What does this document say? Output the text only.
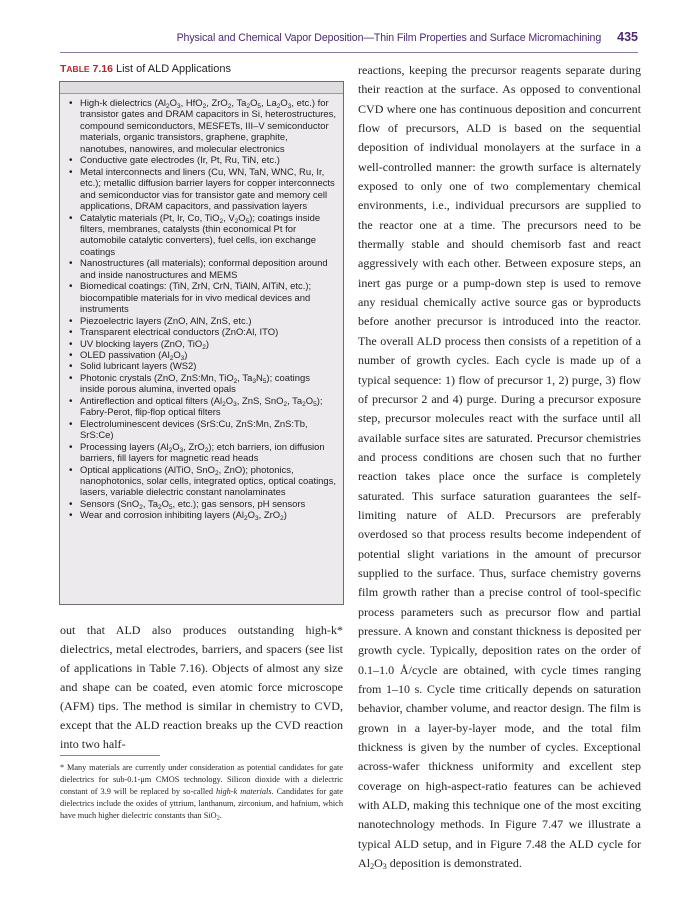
Physical and Chemical Vapor Deposition—Thin Film Properties and Surface Micromachining 435
TABLE 7.16 List of ALD Applications
• High-k dielectrics ($Al_2O_3$, HfO$_2$, ZrO$_2$, $Ta_2O_5$, $La_2O_3$, etc.) for transistor gates and DRAM capacitors in Si, heterostructures, compound semiconductors, MESFETs, III–V semiconductor materials, organic transistors, graphene, graphite, nanotubes, nanowires, and molecular electronics
• Conductive gate electrodes (Ir, Pt, Ru, TiN, etc.)
• Metal interconnects and liners (Cu, WN, TaN, WNC, Ru, Ir, etc.); metallic diffusion barrier layers for copper interconnects and semiconductor vias for transistor gate and memory cell applications, DRAM capacitors, and passivation layers
• Catalytic materials (Pt, Ir, Co, TiO$_2$, $V_2O_5$); coatings inside filters, membranes, catalysts (thin economical Pt for automobile catalytic converters), fuel cells, ion exchange coatings
• Nanostructures (all materials); conformal deposition around and inside nanostructures and MEMS
• Biomedical coatings: (TiN, ZrN, CrN, TiAlN, AlTiN, etc.); biocompatible materials for in vivo medical devices and instruments
• Piezoelectric layers (ZnO, AlN, ZnS, etc.)
• Transparent electrical conductors (ZnO:Al, ITO)
• UV blocking layers (ZnO, TiO$_2$)
• OLED passivation $(Al_2O_3)$
• Solid lubricant layers (WS2)
• Photonic crystals (ZnO, ZnS:Mn, TiO$_2$, $Ta_3N_5$); coatings inside porous alumina, inverted opals
• Antireflection and optical filters ($Al_2O_3$, ZnS, SnO$_2$, $Ta_2O_5$); Fabry-Perot, flip-flop optical filters
• Electroluminescent devices (SrS:Cu, ZnS:Mn, ZnS:Tb, SrS:Ce)
• Processing layers ($Al_2O_3$, ZrO$_2$); etch barriers, ion diffusion barriers, fill layers for magnetic read heads
• Optical applications (AlTiO, SnO$_2$, ZnO); photonics, nanophotonics, solar cells, integrated optics, optical coatings, lasers, variable dielectric constant nanolaminates
• Sensors (SnO$_2$, $Ta_2O_5$, etc.); gas sensors, pH sensors
• Wear and corrosion inhibiting layers ($Al_2O_3$, ZrO$_2$)

out that ALD also produces outstanding high-k* dielectrics, metal electrodes, barriers, and spacers (see list of applications in Table 7.16). Objects of almost any size and shape can be coated, even atomic force microscope (AFM) tips. The method is similar in chemistry to CVD, except that the ALD reaction breaks up the CVD reaction into two half-

* Many materials are currently under consideration as potential candidates for gate dielectrics for sub-0.1-μm CMOS technology. Silicon dioxide with a dielectric constant of 3.9 will be replaced by so-called high-k materials. Candidates for gate dielectrics include the oxides of yttrium, lanthanum, zirconium, and hafnium, which have much higher dielectric constants than SiO$_2$.

reactions, keeping the precursor reagents separate during their reaction at the surface. As opposed to conventional CVD where one has continuous deposition and concurrent flow of precursors, ALD is based on the sequential deposition of individual monolayers at the surface in a well-controlled manner: the growth surface is alternately exposed to only one of two complementary chemical environments, i.e., individual precursors are supplied to the reactor one at a time. The precursors need to be thermally stable and should chemisorb fast and react aggressively with each other. Between exposure steps, an inert gas purge or a pump-down step is used to remove any residual chemically active source gas or byproducts before another precursor is introduced into the reactor. The overall ALD process then consists of a repetition of a number of growth cycles. Each cycle is made up of a typical sequence: 1) flow of precursor 1, 2) purge, 3) flow of precursor 2 and 4) purge. During a precursor exposure step, precursor molecules react with the surface until all available surface sites are saturated. Precursor chemistries and process conditions are chosen such that no further reaction takes place once the surface is completely saturated. This surface saturation guarantees the self-limiting nature of ALD. Precursors are preferably overdosed so that process results become independent of potential slight variations in the amount of precursor supplied to the surface. Thus, surface chemistry governs film growth rather than a precise control of tool-specific process parameters such as precursor flow and partial pressure. A known and constant thickness is deposited per growth cycle. Typically, deposition rates on the order of 0.1–1.0 Å/cycle are obtained, with cycle times ranging from 1–10 s. Cycle time critically depends on saturation behavior, chamber volume, and reactor design. The film is grown in a layer-by-layer mode, and the total film thickness is given by the number of cycles. Exceptional across-wafer thickness uniformity and excellent step coverage on high-aspect-ratio features can be achieved with ALD, making this technique one of the most exciting nanotechnology methods. In Figure 7.47 we illustrate a typical ALD setup, and in Figure 7.48 the ALD cycle for $Al_2O_3$ deposition is demonstrated.
